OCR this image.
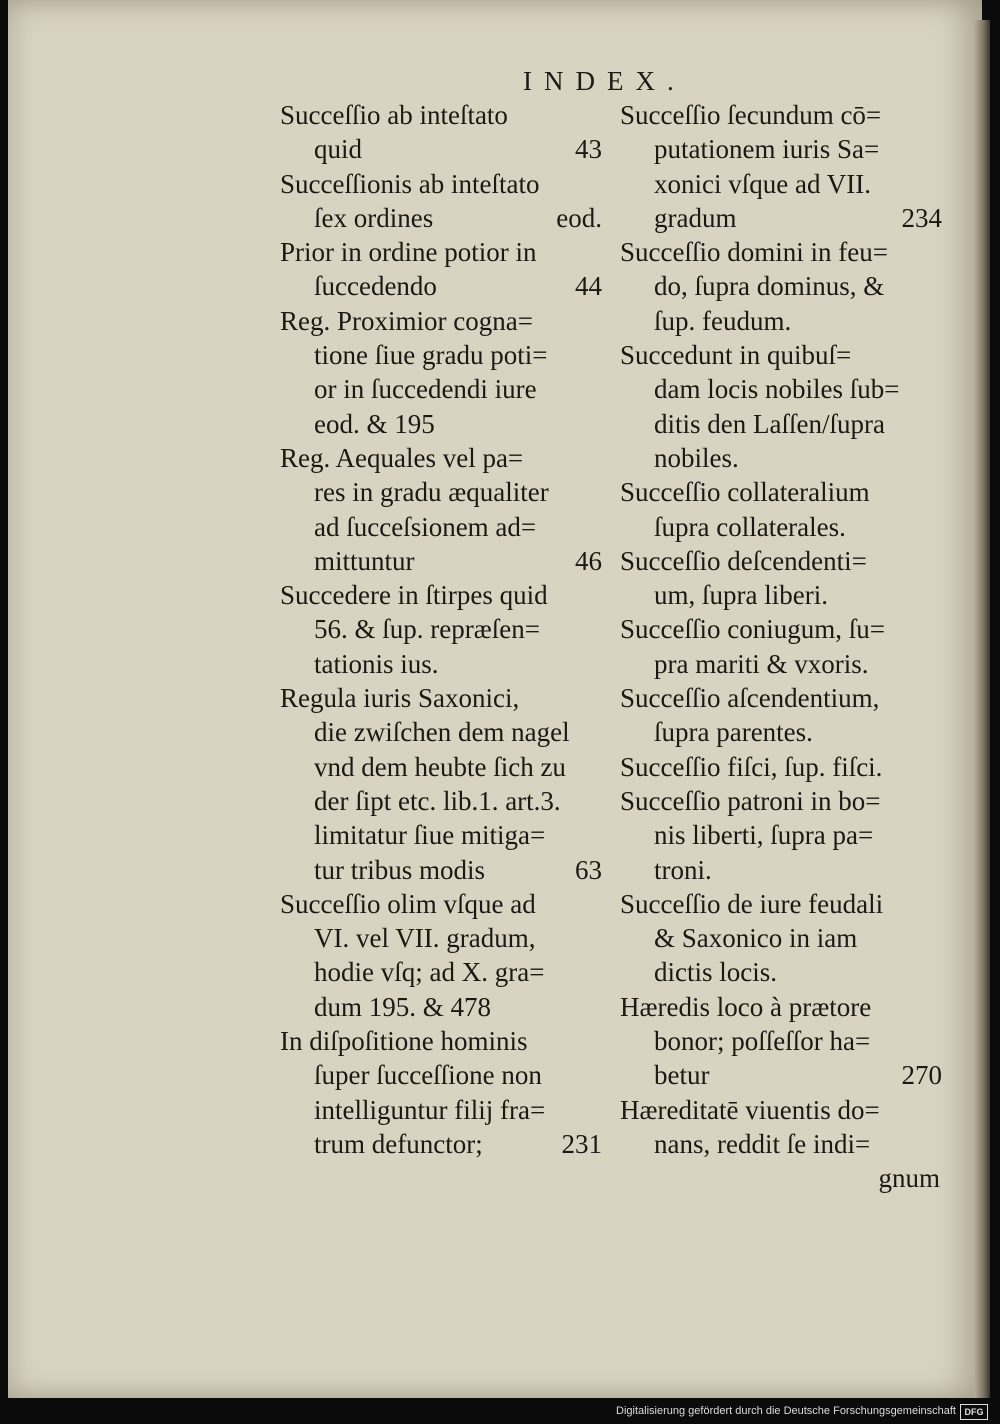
INDEX.
Succeſſio ab inteſtato
quid	43
Succeſſionis ab inteſtato
ſex ordines	eod.
Prior in ordine potior in
ſuccedendo	44
Reg. Proximior cogna=
tione ſiue gradu poti=
or in ſuccedendi iure
eod. & 195
Reg. Aequales vel pa=
res in gradu æqualiter
ad ſucceſsionem ad=
mittuntur	46
Succedere in ſtirpes quid
56. & ſup. repræſen=
tationis ius.
Regula iuris Saxonici,
die zwiſchen dem nagel
vnd dem heubte ſich zu
der ſipt etc. lib.1. art.3.
limitatur ſiue mitiga=
tur tribus modis	63
Succeſſio olim vſque ad
VI. vel VII. gradum,
hodie vſq; ad X. gra=
dum 195. & 478
In diſpoſitione hominis
ſuper ſucceſſione non
intelliguntur filij fra=
trum defunctor;	231
Succeſſio ſecundum cō=
putationem iuris Sa=
xonici vſque ad VII.
gradum	234
Succeſſio domini in feu=
do, ſupra dominus, &
ſup. feudum.
Succedunt in quibuſ=
dam locis nobiles ſub=
ditis den Laſſen/ſupra
nobiles.
Succeſſio collateralium
ſupra collaterales.
Succeſſio deſcendenti=
um, ſupra liberi.
Succeſſio coniugum, ſu=
pra mariti & vxoris.
Succeſſio aſcendentium,
ſupra parentes.
Succeſſio fiſci, ſup. fiſci.
Succeſſio patroni in bo=
nis liberti, ſupra pa=
troni.
Succeſſio de iure feudali
& Saxonico in iam
dictis locis.
Hæredis loco à prætore
bonor; poſſeſſor ha=
betur	270
Hæreditatē viuentis do=
nans, reddit ſe indi=
gnum
Digitalisierung gefördert durch die Deutsche Forschungsgemeinschaft DFG
